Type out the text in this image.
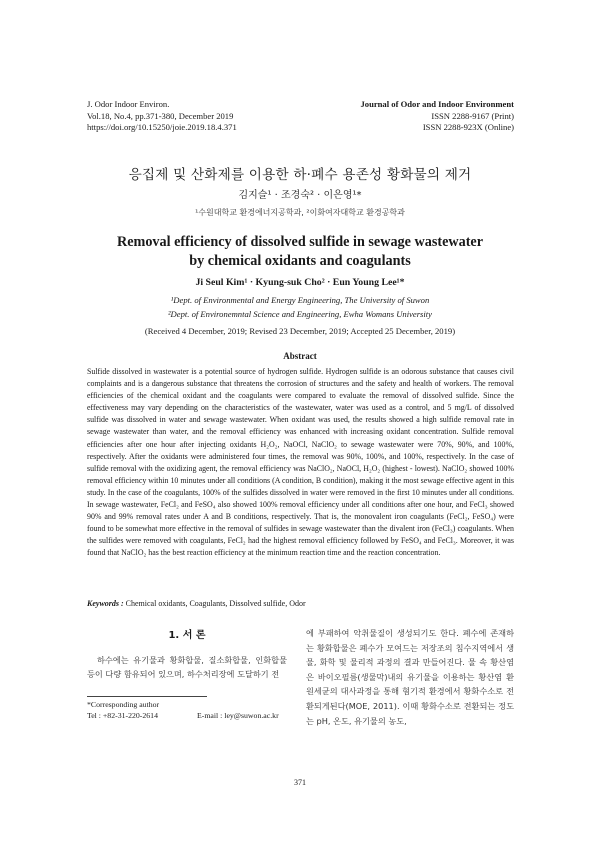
J. Odor Indoor Environ.
Vol.18, No.4, pp.371-380, December 2019
https://doi.org/10.15250/joie.2019.18.4.371
Journal of Odor and Indoor Environment
ISSN 2288-9167 (Print)
ISSN 2288-923X (Online)
응집제 및 산화제를 이용한 하·폐수 용존성 황화물의 제거
김지슬¹ · 조경숙² · 이은영¹*
¹수원대학교 환경에너지공학과, ²이화여자대학교 환경공학과
Removal efficiency of dissolved sulfide in sewage wastewater
by chemical oxidants and coagulants
Ji Seul Kim¹ · Kyung-suk Cho² · Eun Young Lee¹*
¹Dept. of Environmental and Energy Engineering, The University of Suwon
²Dept. of Environemntal Science and Engineering, Ewha Womans University
(Received 4 December, 2019; Revised 23 December, 2019; Accepted 25 December, 2019)
Abstract
Sulfide dissolved in wastewater is a potential source of hydrogen sulfide. Hydrogen sulfide is an odorous substance that causes civil complaints and is a dangerous substance that threatens the corrosion of structures and the safety and health of workers. The removal efficiencies of the chemical oxidant and the coagulants were compared to evaluate the removal of dissolved sulfide. Since the effectiveness may vary depending on the characteristics of the wastewater, water was used as a control, and 5 mg/L of dissolved sulfide was dissolved in water and sewage wastewater. When oxidant was used, the results showed a high sulfide removal rate in sewage wastewater than water, and the removal efficiency was enhanced with increasing oxidant concentration. Sulfide removal efficiencies after one hour after injecting oxidants H₂O₂, NaOCl, NaClO₂ to sewage wastewater were 70%, 90%, and 100%, respectively. After the oxidants were administered four times, the removal was 90%, 100%, and 100%, respectively. In the case of sulfide removal with the oxidizing agent, the removal efficiency was NaClO₂, NaOCl, H₂O₂ (highest - lowest). NaClO₂ showed 100% removal efficiency within 10 minutes under all conditions (A condition, B condition), making it the most sewage effective agent in this study. In the case of the coagulants, 100% of the sulfides dissolved in water were removed in the first 10 minutes under all conditions. In sewage wastewater, FeCl₂ and FeSO₄ also showed 100% removal efficiency under all conditions after one hour, and FeCl₃ showed 90% and 99% removal rates under A and B conditions, respectively. That is, the monovalent iron coagulants (FeCl₂, FeSO₄) were found to be somewhat more effective in the removal of sulfides in sewage wastewater than the divalent iron (FeCl₃) coagulants. When the sulfides were removed with coagulants, FeCl₂ had the highest removal efficiency followed by FeSO₄ and FeCl₃. Moreover, it was found that NaClO₂ has the best reaction efficiency at the minimum reaction time and the reaction concentration.
Keywords : Chemical oxidants, Coagulants, Dissolved sulfide, Odor
1. 서 론
하수에는 유기물과 황화합물, 질소화합물, 인화합물 등이 다량 함유되어 있으며, 하수처리장에 도달하기 전
에 부패하여 악취물질이 생성되기도 한다. 폐수에 존재하는 황화합물은 폐수가 모여드는 저장조의 침수지역에서 생물, 화학 및 물리적 과정의 결과 만들어진다. 물 속 황산염은 바이오필름(생물막)내의 유기물을 이용하는 황산염 환원세균의 대사과정을 통해 혐기적 환경에서 황화수소로 전환되게된다(MOE, 2011). 이때 황화수소로 전환되는 정도는 pH, 온도, 유기물의 농도,
*Corresponding author
Tel : +82-31-220-2614	E-mail : ley@suwon.ac.kr
371
